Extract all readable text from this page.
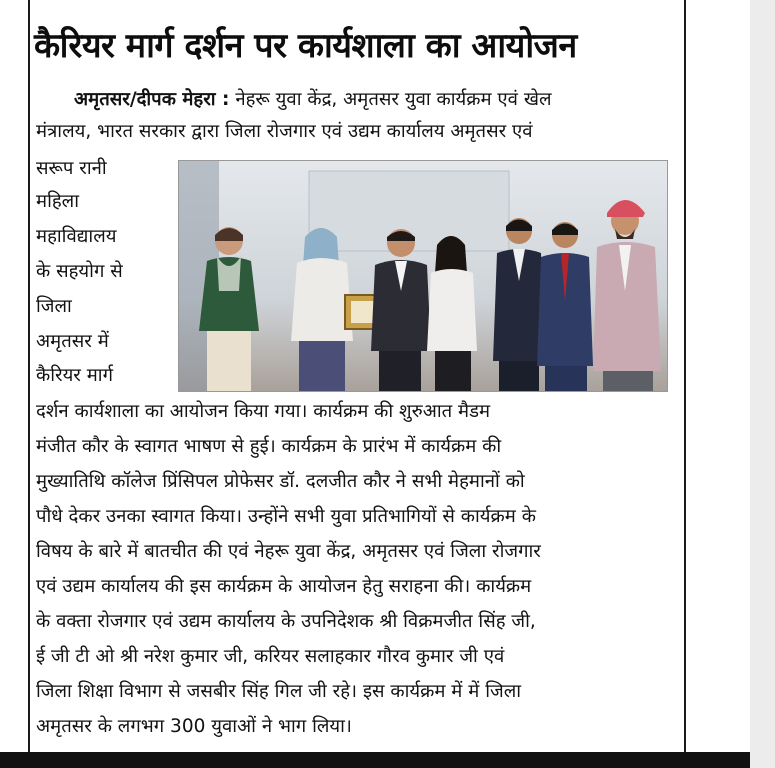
कैरियर मार्ग दर्शन पर कार्यशाला का आयोजन
अमृतसर/दीपक मेहरा : नेहरू युवा केंद्र, अमृतसर युवा कार्यक्रम एवं खेल
मंत्रालय, भारत सरकार द्वारा जिला रोजगार एवं उद्यम कार्यालय अमृतसर एवं
सरूप रानी
महिला
महाविद्यालय
के सहयोग से
जिला
अमृतसर में
कैरियर मार्ग
दर्शन कार्यशाला का आयोजन किया गया। कार्यक्रम की शुरुआत मैडम
मंजीत कौर के स्वागत भाषण से हुई। कार्यक्रम के प्रारंभ में कार्यक्रम की
मुख्यातिथि कॉलेज प्रिंसिपल प्रोफेसर डॉ. दलजीत कौर ने सभी मेहमानों को
पौधे देकर उनका स्वागत किया। उन्होंने सभी युवा प्रतिभागियों से कार्यक्रम के
विषय के बारे में बातचीत की एवं नेहरू युवा केंद्र, अमृतसर एवं जिला रोजगार
एवं उद्यम कार्यालय की इस कार्यक्रम के आयोजन हेतु सराहना की। कार्यक्रम
के वक्ता रोजगार एवं उद्यम कार्यालय के उपनिदेशक श्री विक्रमजीत सिंह जी,
ई जी टी ओ श्री नरेश कुमार जी, करियर सलाहकार गौरव कुमार जी एवं
जिला शिक्षा विभाग से जसबीर सिंह गिल जी रहे। इस कार्यक्रम में में जिला
अमृतसर के लगभग 300 युवाओं ने भाग लिया।
